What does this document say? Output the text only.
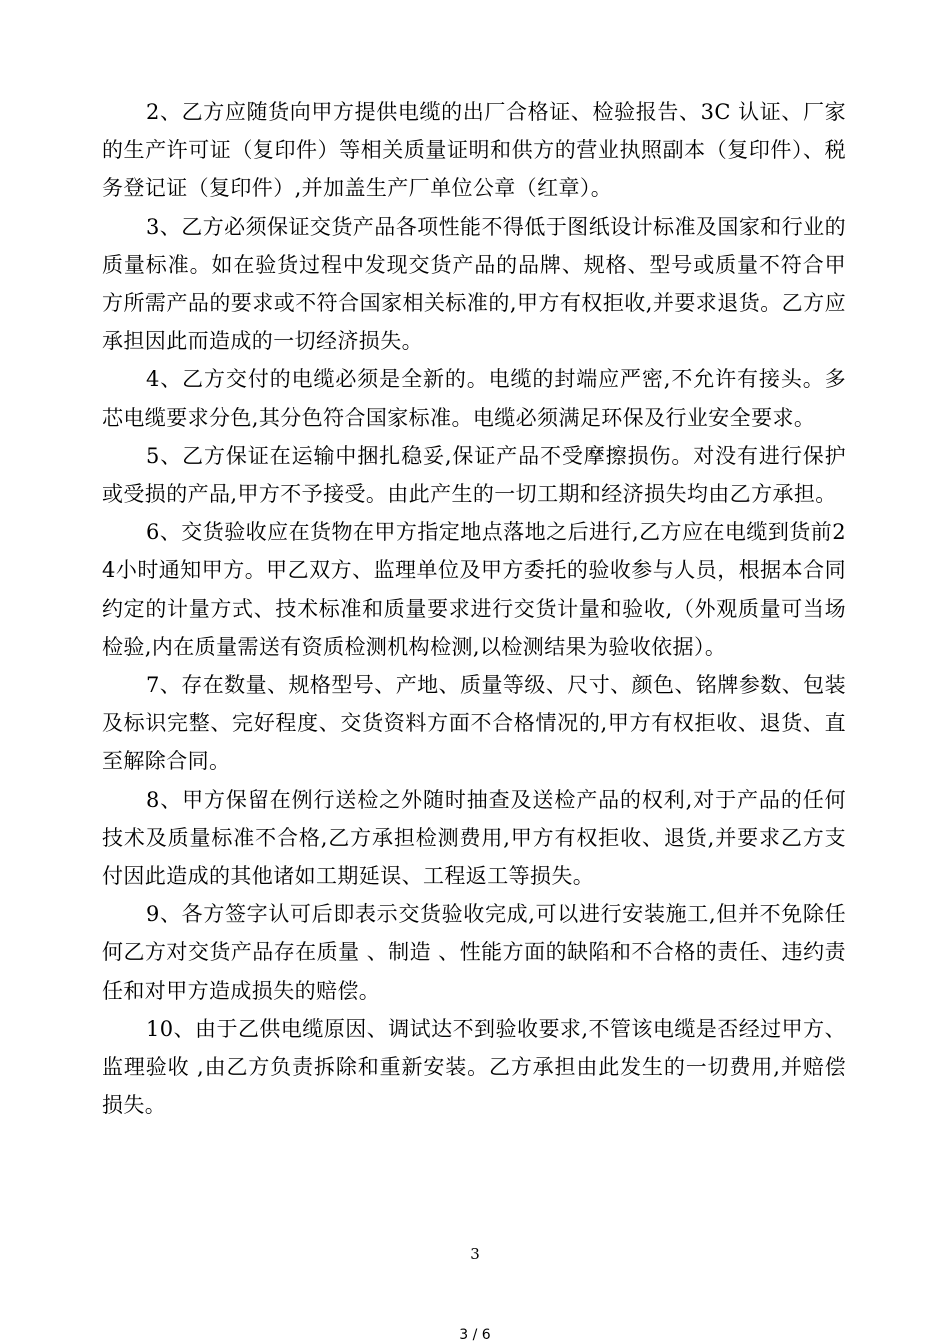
2、乙方应随货向甲方提供电缆的出厂合格证、检验报告、3C 认证、厂家的生产许可证（复印件）等相关质量证明和供方的营业执照副本（复印件）、税务登记证（复印件）,并加盖生产厂单位公章（红章）。

3、乙方必须保证交货产品各项性能不得低于图纸设计标准及国家和行业的质量标准。如在验货过程中发现交货产品的品牌、规格、型号或质量不符合甲方所需产品的要求或不符合国家相关标准的,甲方有权拒收,并要求退货。乙方应承担因此而造成的一切经济损失。

4、乙方交付的电缆必须是全新的。电缆的封端应严密,不允许有接头。多芯电缆要求分色,其分色符合国家标准。电缆必须满足环保及行业安全要求。

5、乙方保证在运输中捆扎稳妥,保证产品不受摩擦损伤。对没有进行保护或受损的产品,甲方不予接受。由此产生的一切工期和经济损失均由乙方承担。

6、交货验收应在货物在甲方指定地点落地之后进行,乙方应在电缆到货前24小时通知甲方。甲乙双方、监理单位及甲方委托的验收参与人员，根据本合同约定的计量方式、技术标准和质量要求进行交货计量和验收,（外观质量可当场检验,内在质量需送有资质检测机构检测,以检测结果为验收依据）。

7、存在数量、规格型号、产地、质量等级、尺寸、颜色、铭牌参数、包装及标识完整、完好程度、交货资料方面不合格情况的,甲方有权拒收、退货、直至解除合同。

8、甲方保留在例行送检之外随时抽查及送检产品的权利,对于产品的任何技术及质量标准不合格,乙方承担检测费用,甲方有权拒收、退货,并要求乙方支付因此造成的其他诸如工期延误、工程返工等损失。

9、各方签字认可后即表示交货验收完成,可以进行安装施工,但并不免除任何乙方对交货产品存在质量 、制造 、性能方面的缺陷和不合格的责任、违约责任和对甲方造成损失的赔偿。

10、由于乙供电缆原因、调试达不到验收要求,不管该电缆是否经过甲方、监理验收 ,由乙方负责拆除和重新安装。乙方承担由此发生的一切费用,并赔偿损失。

3
3 / 6
